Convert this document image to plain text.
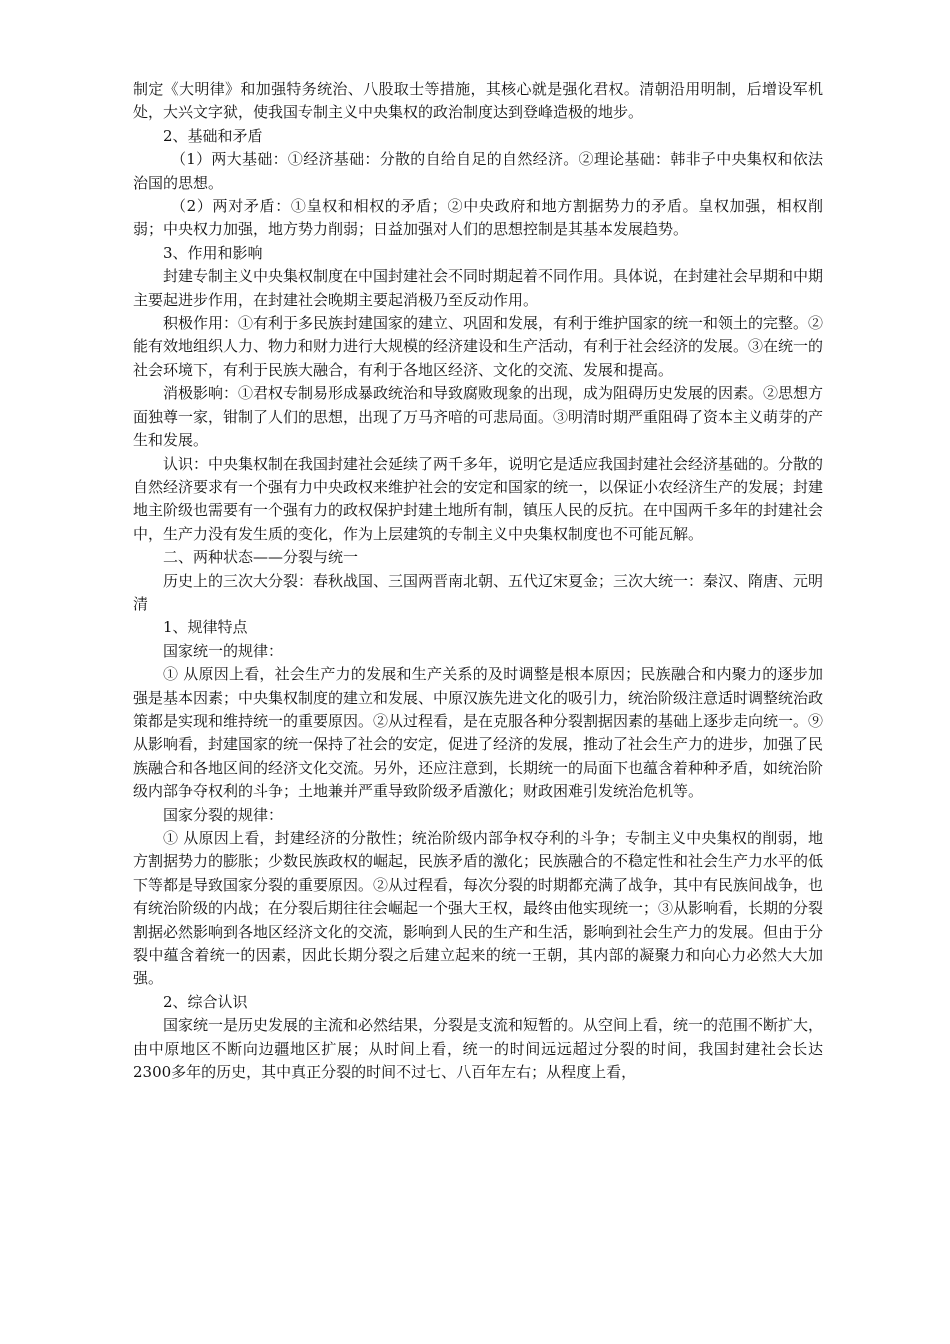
制定《大明律》和加强特务统治、八股取士等措施，其核心就是强化君权。清朝沿用明制，后增设军机处，大兴文字狱，使我国专制主义中央集权的政治制度达到登峰造极的地步。

2、基础和矛盾

（1）两大基础：①经济基础：分散的自给自足的自然经济。②理论基础：韩非子中央集权和依法治国的思想。

（2）两对矛盾：①皇权和相权的矛盾；②中央政府和地方割据势力的矛盾。皇权加强，相权削弱；中央权力加强，地方势力削弱；日益加强对人们的思想控制是其基本发展趋势。

3、作用和影响

封建专制主义中央集权制度在中国封建社会不同时期起着不同作用。具体说，在封建社会早期和中期主要起进步作用，在封建社会晚期主要起消极乃至反动作用。

积极作用：①有利于多民族封建国家的建立、巩固和发展，有利于维护国家的统一和领土的完整。②能有效地组织人力、物力和财力进行大规模的经济建设和生产活动，有利于社会经济的发展。③在统一的社会环境下，有利于民族大融合，有利于各地区经济、文化的交流、发展和提高。

消极影响：①君权专制易形成暴政统治和导致腐败现象的出现，成为阻碍历史发展的因素。②思想方面独尊一家，钳制了人们的思想，出现了万马齐喑的可悲局面。③明清时期严重阻碍了资本主义萌芽的产生和发展。

认识：中央集权制在我国封建社会延续了两千多年，说明它是适应我国封建社会经济基础的。分散的自然经济要求有一个强有力中央政权来维护社会的安定和国家的统一，以保证小农经济生产的发展；封建地主阶级也需要有一个强有力的政权保护封建土地所有制，镇压人民的反抗。在中国两千多年的封建社会中，生产力没有发生质的变化，作为上层建筑的专制主义中央集权制度也不可能瓦解。

二、两种状态——分裂与统一

历史上的三次大分裂：春秋战国、三国两晋南北朝、五代辽宋夏金；三次大统一：秦汉、隋唐、元明清

1、规律特点

国家统一的规律：

① 从原因上看，社会生产力的发展和生产关系的及时调整是根本原因；民族融合和内聚力的逐步加强是基本因素；中央集权制度的建立和发展、中原汉族先进文化的吸引力，统治阶级注意适时调整统治政策都是实现和维持统一的重要原因。②从过程看，是在克服各种分裂割据因素的基础上逐步走向统一。⑨从影响看，封建国家的统一保持了社会的安定，促进了经济的发展，推动了社会生产力的进步，加强了民族融合和各地区间的经济文化交流。另外，还应注意到，长期统一的局面下也蕴含着种种矛盾，如统治阶级内部争夺权利的斗争；土地兼并严重导致阶级矛盾激化；财政困难引发统治危机等。

国家分裂的规律：

① 从原因上看，封建经济的分散性；统治阶级内部争权夺利的斗争；专制主义中央集权的削弱，地方割据势力的膨胀；少数民族政权的崛起，民族矛盾的激化；民族融合的不稳定性和社会生产力水平的低下等都是导致国家分裂的重要原因。②从过程看，每次分裂的时期都充满了战争，其中有民族间战争，也有统治阶级的内战；在分裂后期往往会崛起一个强大王权，最终由他实现统一；③从影响看，长期的分裂割据必然影响到各地区经济文化的交流，影响到人民的生产和生活，影响到社会生产力的发展。但由于分裂中蕴含着统一的因素，因此长期分裂之后建立起来的统一王朝，其内部的凝聚力和向心力必然大大加强。

2、综合认识

国家统一是历史发展的主流和必然结果，分裂是支流和短暂的。从空间上看，统一的范围不断扩大，由中原地区不断向边疆地区扩展；从时间上看，统一的时间远远超过分裂的时间，我国封建社会长达2300多年的历史，其中真正分裂的时间不过七、八百年左右；从程度上看，
